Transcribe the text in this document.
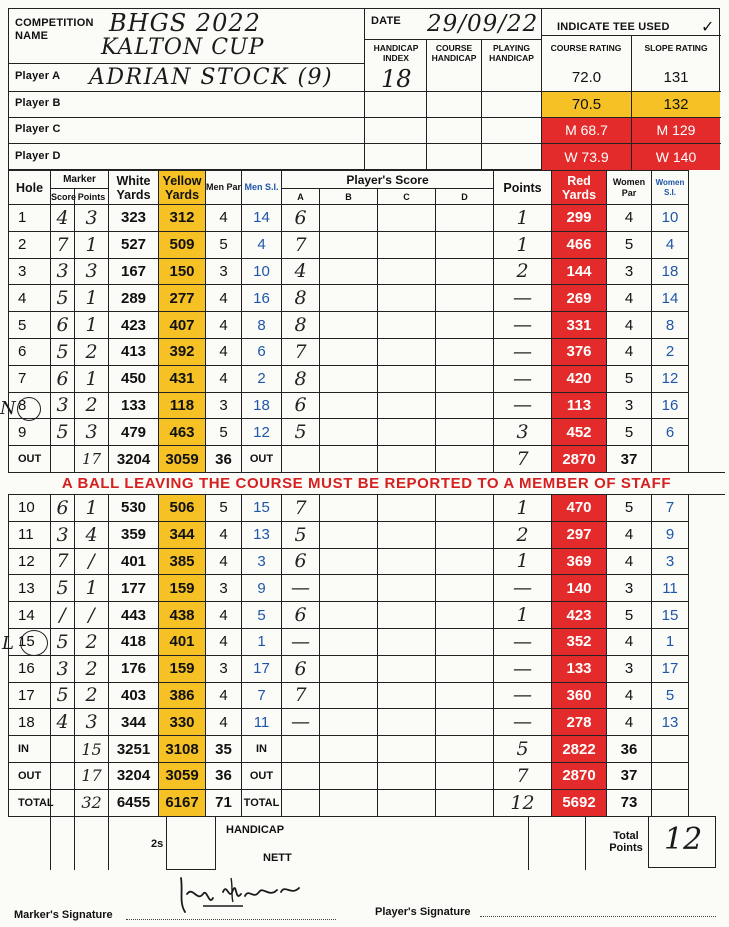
COMPETITION
NAME	BHGS 2022
KALTON CUP
DATE 29/09/22 INDICATE TEE USED ✓
HANDICAP INDEX
COURSE HANDICAP
PLAYING HANDICAP
COURSE RATING	SLOPE RATING
Player A ADRIAN STOCK (9) 18	72.0	131
Player B	70.5	132
Player C	M 68.7	M 129
Player D	W 73.9	W 140
Hole	Marker		White Yards	Yellow Yards	Men Par	Men S.I.	Player's Score				Points	Red Yards	Women Par	Women S.I.
	Score	Points					A	B	C	D				
1	4	3	323	312	4	14	6				1	299	4	10
2	7	1	527	509	5	4	7				1	466	5	4
3	3	3	167	150	3	10	4				2	144	3	18
4	5	1	289	277	4	16	8				—	269	4	14
5	6	1	423	407	4	8	8				—	331	4	8
6	5	2	413	392	4	6	7				—	376	4	2
7	6	1	450	431	4	2	8				—	420	5	12
8	3	2	133	118	3	18	6				—	113	3	16
9	5	3	479	463	5	12	5				3	452	5	6
OUT		17	3204	3059	36	OUT					7	2870	37	
A BALL LEAVING THE COURSE MUST BE REPORTED TO A MEMBER OF STAFF														
10	6	1	530	506	5	15	7				1	470	5	7
11	3	4	359	344	4	13	5				2	297	4	9
12	7	/	401	385	4	3	6				1	369	4	3
13	5	1	177	159	3	9	—				—	140	3	11
14	/	/	443	438	4	5	6				1	423	5	15
15	5	2	418	401	4	1	—				—	352	4	1
16	3	2	176	159	3	17	6				—	133	3	17
17	5	2	403	386	4	7	7				—	360	4	5
18	4	3	344	330	4	11	—				—	278	4	13
IN		15	3251	3108	35	IN					5	2822	36	
OUT		17	3204	3059	36	OUT					7	2870	37	
TOTAL		32	6455	6167	71	TOTAL					12	5692	73	
N
L
2s
HANDICAP
NETT
Total Points 12
Marker's Signature	Player's Signature
